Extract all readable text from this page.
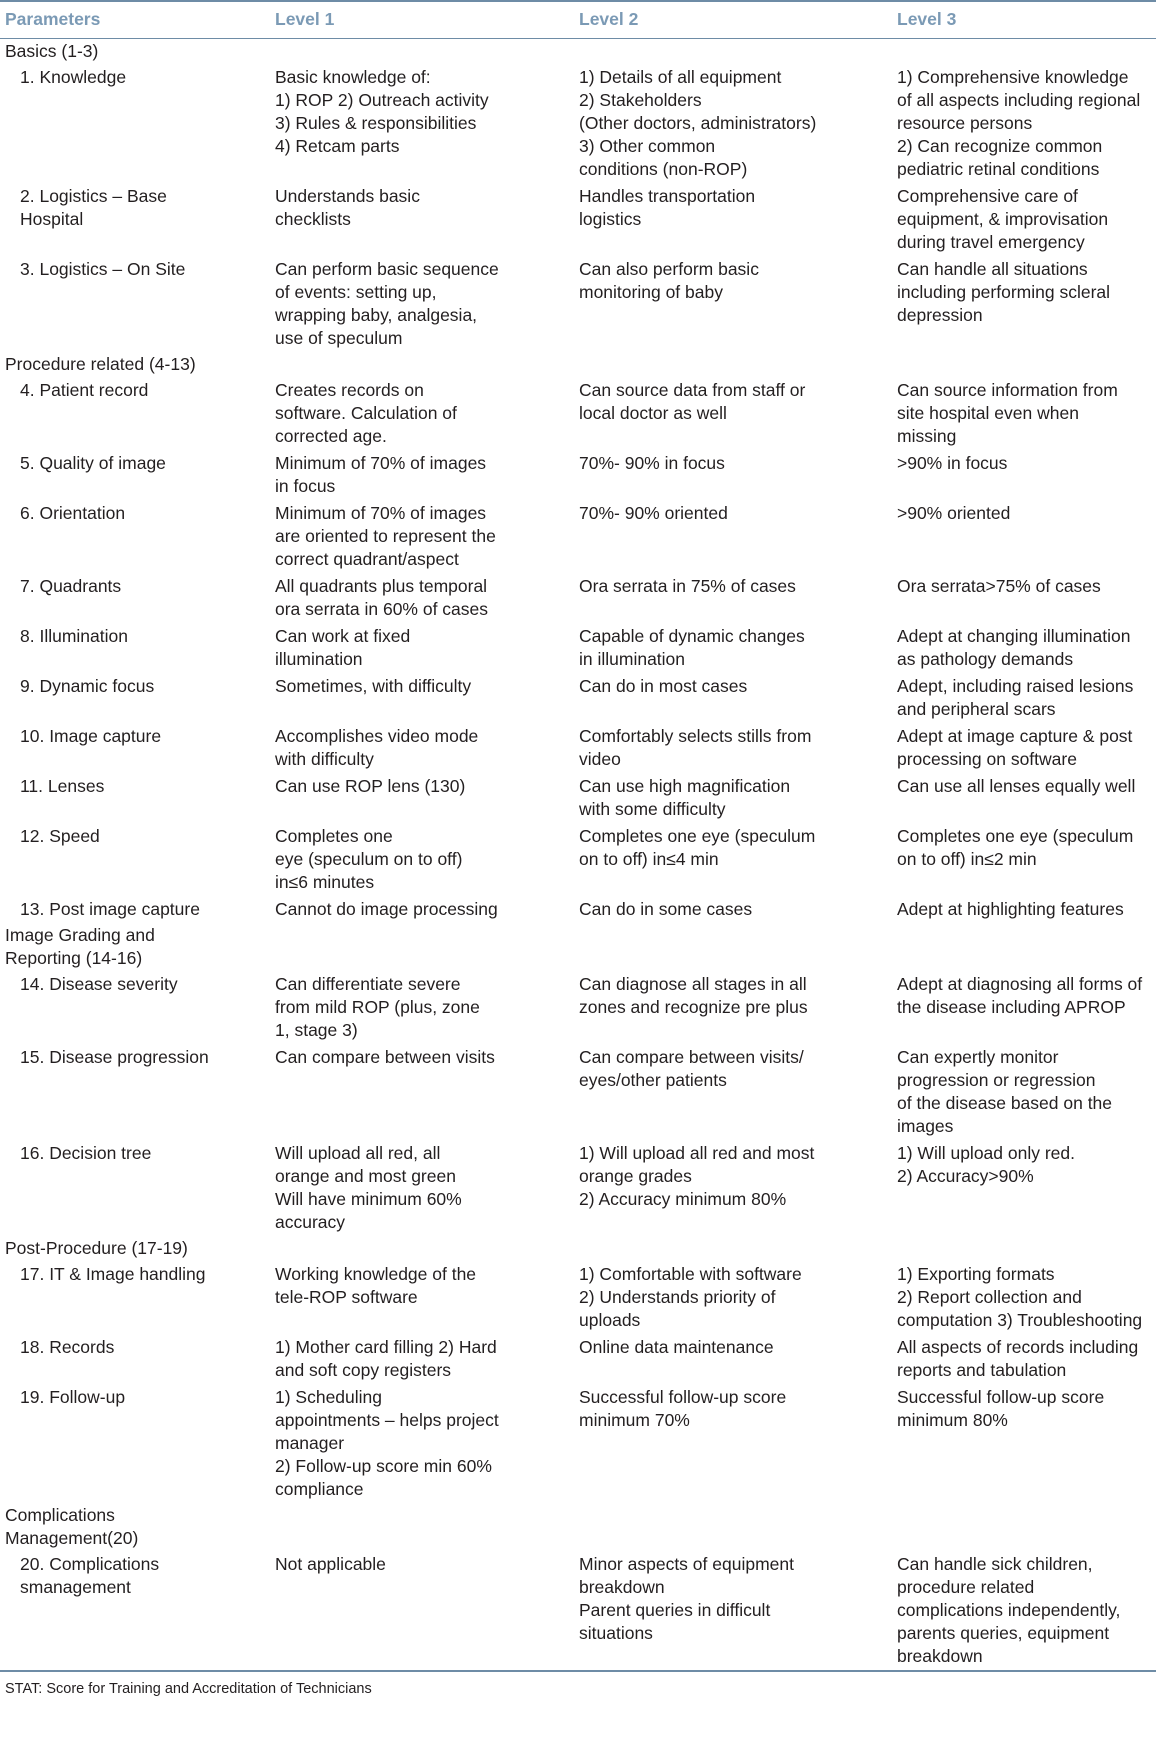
Parameters	Level 1	Level 2	Level 3
Basics (1-3)			
1. Knowledge	Basic knowledge of:
1) ROP 2) Outreach activity
3) Rules & responsibilities
4) Retcam parts	1) Details of all equipment
2) Stakeholders
(Other doctors, administrators)
3) Other common
conditions (non-ROP)	1) Comprehensive knowledge
of all aspects including regional
resource persons
2) Can recognize common
pediatric retinal conditions
2. Logistics – Base
Hospital	Understands basic
checklists	Handles transportation
logistics	Comprehensive care of
equipment, & improvisation
during travel emergency
3. Logistics – On Site	Can perform basic sequence
of events: setting up,
wrapping baby, analgesia,
use of speculum	Can also perform basic
monitoring of baby	Can handle all situations
including performing scleral
depression
Procedure related (4-13)			
4. Patient record	Creates records on
software. Calculation of
corrected age.	Can source data from staff or
local doctor as well	Can source information from
site hospital even when
missing
5. Quality of image	Minimum of 70% of images
in focus	70%- 90% in focus	>90% in focus
6. Orientation	Minimum of 70% of images
are oriented to represent the
correct quadrant/aspect	70%- 90% oriented	>90% oriented
7. Quadrants	All quadrants plus temporal
ora serrata in 60% of cases	Ora serrata in 75% of cases	Ora serrata>75% of cases
8. Illumination	Can work at fixed
illumination	Capable of dynamic changes
in illumination	Adept at changing illumination
as pathology demands
9. Dynamic focus	Sometimes, with difficulty	Can do in most cases	Adept, including raised lesions
and peripheral scars
10. Image capture	Accomplishes video mode
with difficulty	Comfortably selects stills from
video	Adept at image capture & post
processing on software
11. Lenses	Can use ROP lens (130)	Can use high magnification
with some difficulty	Can use all lenses equally well
12. Speed	Completes one
eye (speculum on to off)
in≤6 minutes	Completes one eye (speculum
on to off) in≤4 min	Completes one eye (speculum
on to off) in≤2 min
13. Post image capture	Cannot do image processing	Can do in some cases	Adept at highlighting features
Image Grading and
Reporting (14-16)			
14. Disease severity	Can differentiate severe
from mild ROP (plus, zone
1, stage 3)	Can diagnose all stages in all
zones and recognize pre plus	Adept at diagnosing all forms of
the disease including APROP
15. Disease progression	Can compare between visits	Can compare between visits/
eyes/other patients	Can expertly monitor
progression or regression
of the disease based on the
images
16. Decision tree	Will upload all red, all
orange and most green
Will have minimum 60%
accuracy	1) Will upload all red and most
orange grades
2) Accuracy minimum 80%	1) Will upload only red.
2) Accuracy>90%
Post-Procedure (17-19)			
17. IT & Image handling	Working knowledge of the
tele-ROP software	1) Comfortable with software
2) Understands priority of
uploads	1) Exporting formats
2) Report collection and
computation 3) Troubleshooting
18. Records	1) Mother card filling 2) Hard
and soft copy registers	Online data maintenance	All aspects of records including
reports and tabulation
19. Follow-up	1) Scheduling
appointments – helps project
manager
2) Follow-up score min 60%
compliance	Successful follow-up score
minimum 70%	Successful follow-up score
minimum 80%
Complications
Management(20)			
20. Complications
smanagement	Not applicable	Minor aspects of equipment
breakdown
Parent queries in difficult
situations	Can handle sick children,
procedure related
complications independently,
parents queries, equipment
breakdown
STAT: Score for Training and Accreditation of Technicians			
